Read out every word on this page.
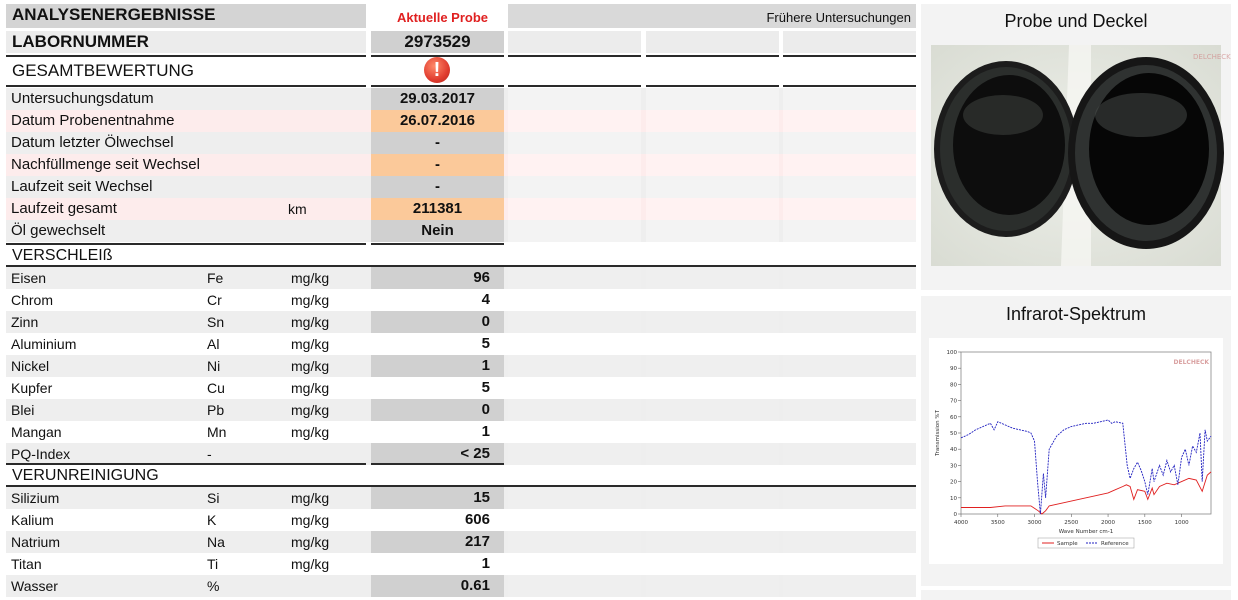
ANALYSENERGEBNISSE	Aktuelle Probe	Frühere Untersuchungen
LABORNUMMER	2973529
GESAMTBEWERTUNG	!
Untersuchungsdatum	29.03.2017
Datum Probenentnahme	26.07.2016
Datum letzter Ölwechsel	-
Nachfüllmenge seit Wechsel	-
Laufzeit seit Wechsel	-
Laufzeit gesamt	km	211381
Öl gewechselt	Nein
VERSCHLEIß
Eisen	Fe	mg/kg	96
Chrom	Cr	mg/kg	4
Zinn	Sn	mg/kg	0
Aluminium	Al	mg/kg	5
Nickel	Ni	mg/kg	1
Kupfer	Cu	mg/kg	5
Blei	Pb	mg/kg	0
Mangan	Mn	mg/kg	1
PQ-Index	-	< 25
VERUNREINIGUNG
Silizium	Si	mg/kg	15
Kalium	K	mg/kg	606
Natrium	Na	mg/kg	217
Titan	Ti	mg/kg	1
Wasser	%	0.61
Probe und Deckel
DELCHECK
Infrarot-Spektrum
0
10
20
30
40
50
60
70
80
90
100
4000	3500	3000	2500	2000	1500	1000
Wave Number cm-1
Transmission %T
DELCHECK
Sample	Reference
